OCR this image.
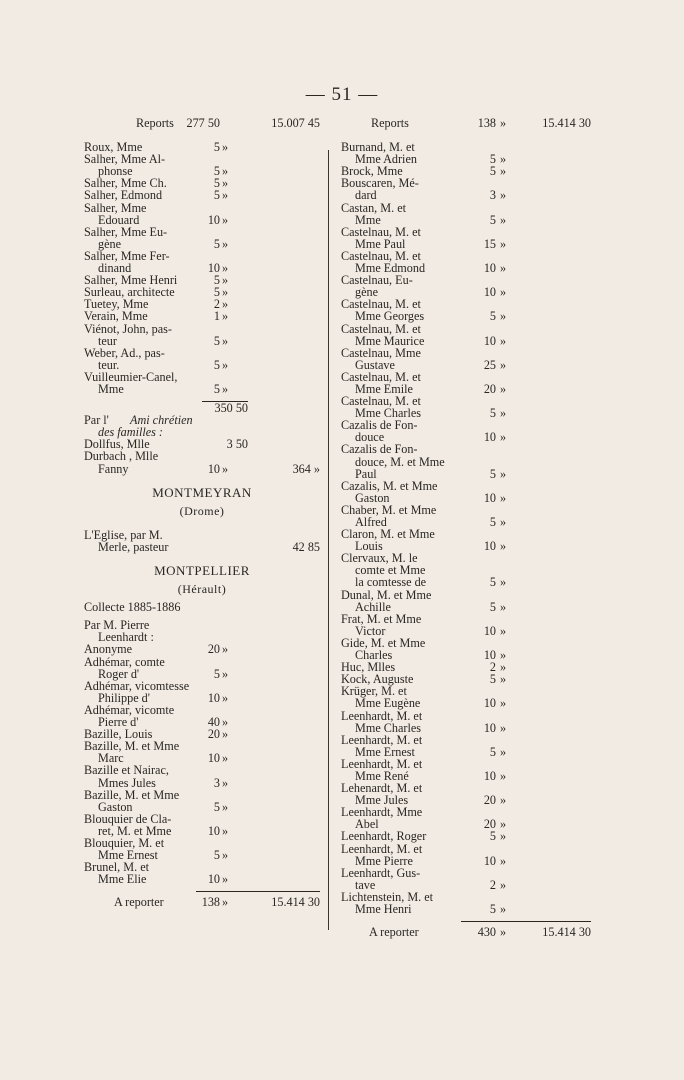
— 51 —
Reports	277 50	15.007 45
Roux, Mme	5 »
Salher, Mme Al-
phonse	5 »
Salher, Mme Ch.	5 »
Salher, Edmond	5 »
Salher, Mme
Edouard	10 »
Salher, Mme Eu-
gène	5 »
Salher, Mme Fer-
dinand	10 »
Salher, Mme Henri	5 »
Surleau, architecte	5 »
Tuetey, Mme	2 »
Verain, Mme	1 »
Viénot, John, pas-
teur	5 »
Weber, Ad., pas-
teur.	5 »
Vuilleumier-Canel,
Mme	5 »
350 50
Par l' Ami chrétien
des familles :
Dollfus, Mlle	3 50
Durbach , Mlle
Fanny	10 »	364 »
MONTMEYRAN
(Drome)
L'Eglise, par M.
Merle, pasteur	42 85
MONTPELLIER
(Hérault)
Collecte 1885-1886
Par M. Pierre
Leenhardt :
Anonyme	20 »
Adhémar, comte
Roger d'	5 »
Adhémar, vicomtesse
Philippe d'	10 »
Adhémar, vicomte
Pierre d'	40 »
Bazille, Louis	20 »
Bazille, M. et Mme
Marc	10 »
Bazille et Nairac,
Mmes Jules	3 »
Bazille, M. et Mme
Gaston	5 »
Blouquier de Cla-
ret, M. et Mme	10 »
Blouquier, M. et
Mme Ernest	5 »
Brunel, M. et
Mme Elie	10 »
A reporter	138 »	15.414 30
Reports	138 »	15.414 30
Burnand, M. et
Mme Adrien	5 »
Brock, Mme	5 »
Bouscaren, Mé-
dard	3 »
Castan, M. et
Mme	5 »
Castelnau, M. et
Mme Paul	15 »
Castelnau, M. et
Mme Edmond	10 »
Castelnau, Eu-
gène	10 »
Castelnau, M. et
Mme Georges	5 »
Castelnau, M. et
Mme Maurice	10 »
Castelnau, Mme
Gustave	25 »
Castelnau, M. et
Mme Emile	20 »
Castelnau, M. et
Mme Charles	5 »
Cazalis de Fon-
douce	10 »
Cazalis de Fon-
douce, M. et Mme
Paul	5 »
Cazalis, M. et Mme
Gaston	10 »
Chaber, M. et Mme
Alfred	5 »
Claron, M. et Mme
Louis	10 »
Clervaux, M. le
comte et Mme
la comtesse de	5 »
Dunal, M. et Mme
Achille	5 »
Frat, M. et Mme
Victor	10 »
Gide, M. et Mme
Charles	10 »
Huc, Mlles	2 »
Kock, Auguste	5 »
Krüger, M. et
Mme Eugène	10 »
Leenhardt, M. et
Mme Charles	10 »
Leenhardt, M. et
Mme Ernest	5 »
Leenhardt, M. et
Mme René	10 »
Lehenardt, M. et
Mme Jules	20 »
Leenhardt, Mme
Abel	20 »
Leenhardt, Roger	5 »
Leenhardt, M. et
Mme Pierre	10 »
Leenhardt, Gus-
tave	2 »
Lichtenstein, M. et
Mme Henri	5 »
A reporter	430 »	15.414 30
